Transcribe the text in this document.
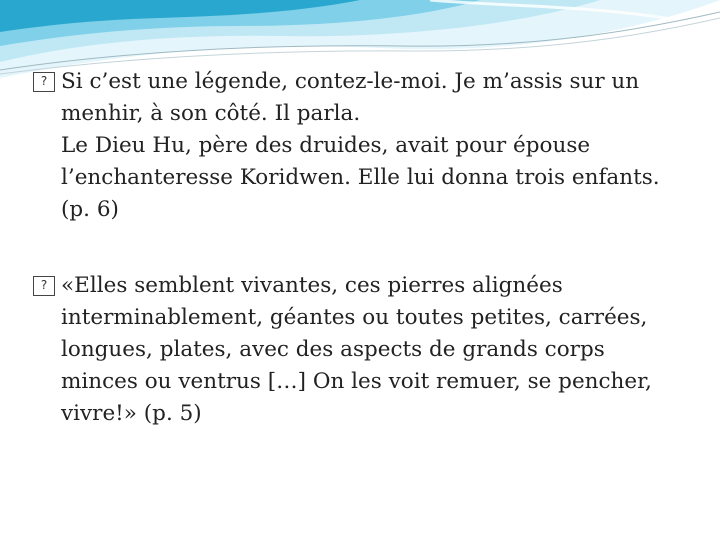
? Si c’est une légende, contez-le-moi. Je m’assis sur un
menhir, à son côté. Il parla.
Le Dieu Hu, père des druides, avait pour épouse
l’enchanteresse Koridwen. Elle lui donna trois enfants.
(p. 6)
? «Elles semblent vivantes, ces pierres alignées
interminablement, géantes ou toutes petites, carrées,
longues, plates, avec des aspects de grands corps
minces ou ventrus […] On les voit remuer, se pencher,
vivre!» (p. 5)
